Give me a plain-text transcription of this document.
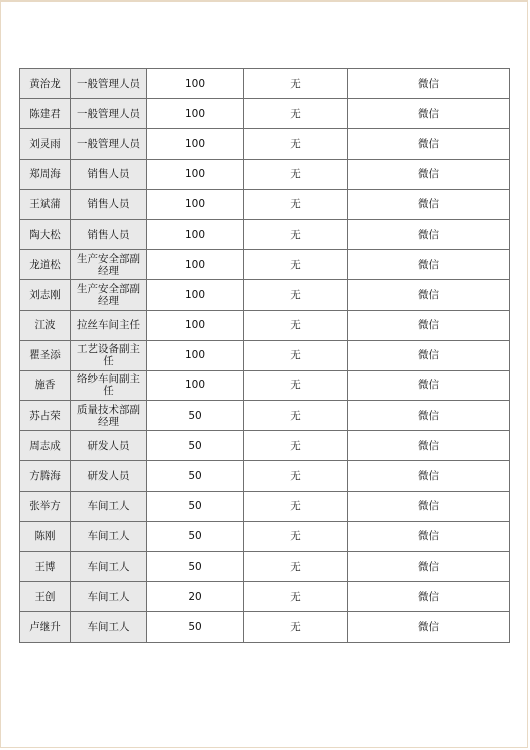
黄治龙	一般管理人员	100	无	微信
陈建君	一般管理人员	100	无	微信
刘灵雨	一般管理人员	100	无	微信
郑周海	销售人员	100	无	微信
王斌蒲	销售人员	100	无	微信
陶大松	销售人员	100	无	微信
龙道松	生产安全部副经理	100	无	微信
刘志刚	生产安全部副经理	100	无	微信
江波	拉丝车间主任	100	无	微信
瞿圣添	工艺设备副主任	100	无	微信
施香	络纱车间副主任	100	无	微信
苏占荣	质量技术部副经理	50	无	微信
周志成	研发人员	50	无	微信
方腾海	研发人员	50	无	微信
张举方	车间工人	50	无	微信
陈刚	车间工人	50	无	微信
王博	车间工人	50	无	微信
王创	车间工人	20	无	微信
卢继升	车间工人	50	无	微信
